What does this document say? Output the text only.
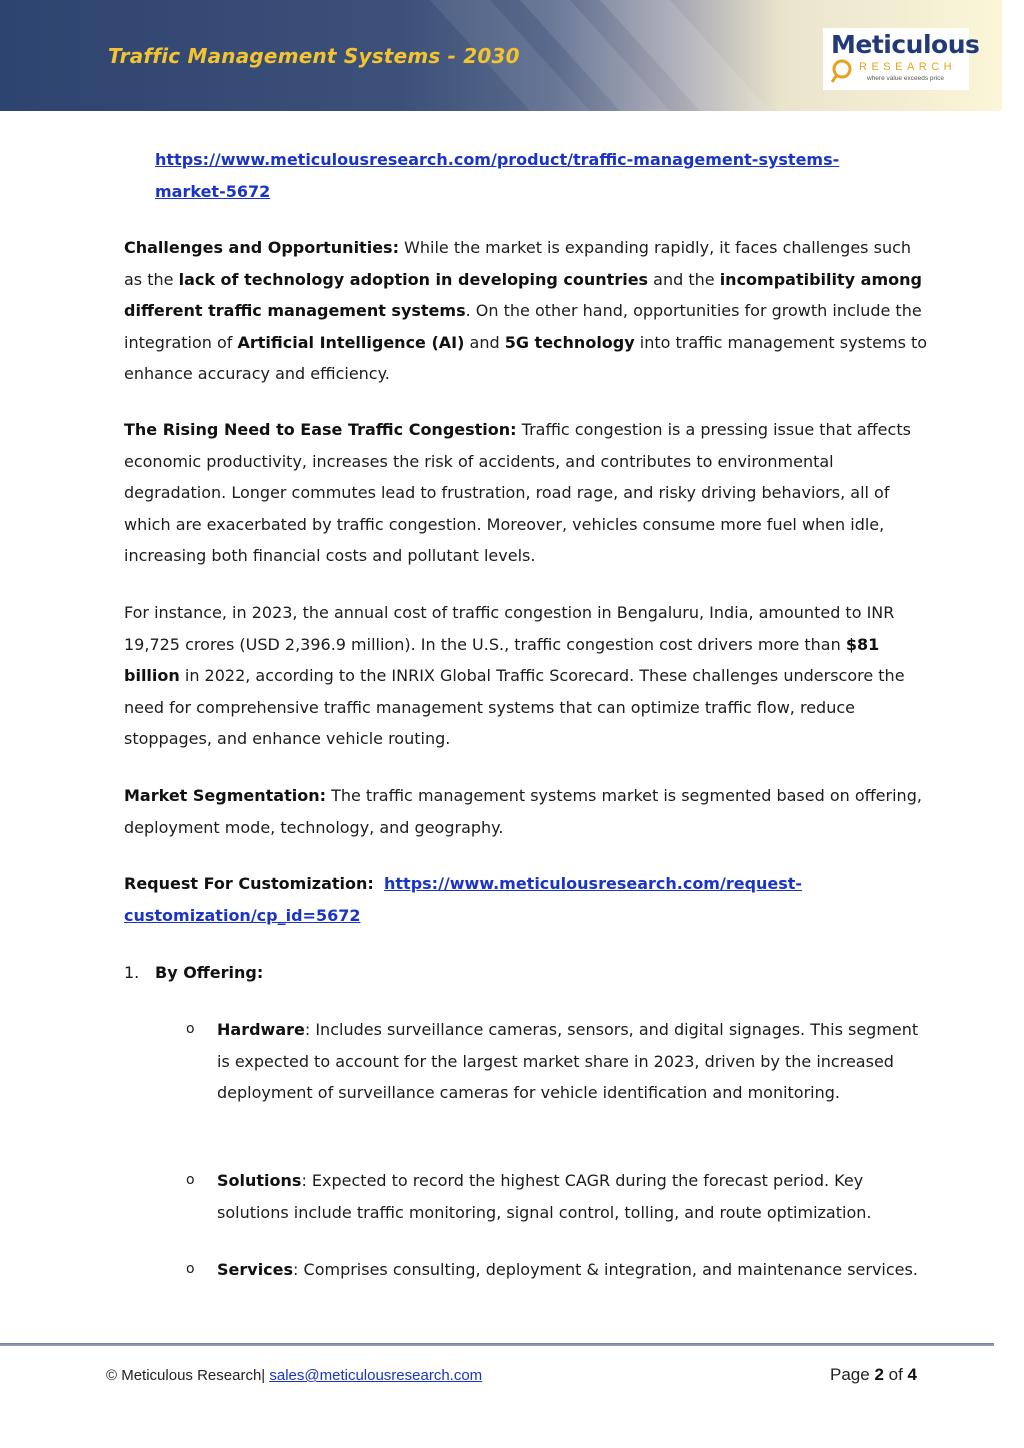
Traffic Management Systems - 2030	Meticulous
RESEARCH
where value exceeds price
https://www.meticulousresearch.com/product/traffic-management-systems-
market-5672

Challenges and Opportunities: While the market is expanding rapidly, it faces challenges such as the lack of technology adoption in developing countries and the incompatibility among different traffic management systems. On the other hand, opportunities for growth include the integration of Artificial Intelligence (AI) and 5G technology into traffic management systems to enhance accuracy and efficiency.

The Rising Need to Ease Traffic Congestion: Traffic congestion is a pressing issue that affects economic productivity, increases the risk of accidents, and contributes to environmental degradation. Longer commutes lead to frustration, road rage, and risky driving behaviors, all of which are exacerbated by traffic congestion. Moreover, vehicles consume more fuel when idle, increasing both financial costs and pollutant levels.

For instance, in 2023, the annual cost of traffic congestion in Bengaluru, India, amounted to INR 19,725 crores (USD 2,396.9 million). In the U.S., traffic congestion cost drivers more than $81 billion in 2022, according to the INRIX Global Traffic Scorecard. These challenges underscore the need for comprehensive traffic management systems that can optimize traffic flow, reduce stoppages, and enhance vehicle routing.

Market Segmentation: The traffic management systems market is segmented based on offering, deployment mode, technology, and geography.

Request For Customization: https://www.meticulousresearch.com/request-customization/cp_id=5672

1. By Offering:
o Hardware: Includes surveillance cameras, sensors, and digital signages. This segment is expected to account for the largest market share in 2023, driven by the increased deployment of surveillance cameras for vehicle identification and monitoring.
o Solutions: Expected to record the highest CAGR during the forecast period. Key solutions include traffic monitoring, signal control, tolling, and route optimization.
o Services: Comprises consulting, deployment & integration, and maintenance services.
© Meticulous Research| sales@meticulousresearch.com	Page 2 of 4
